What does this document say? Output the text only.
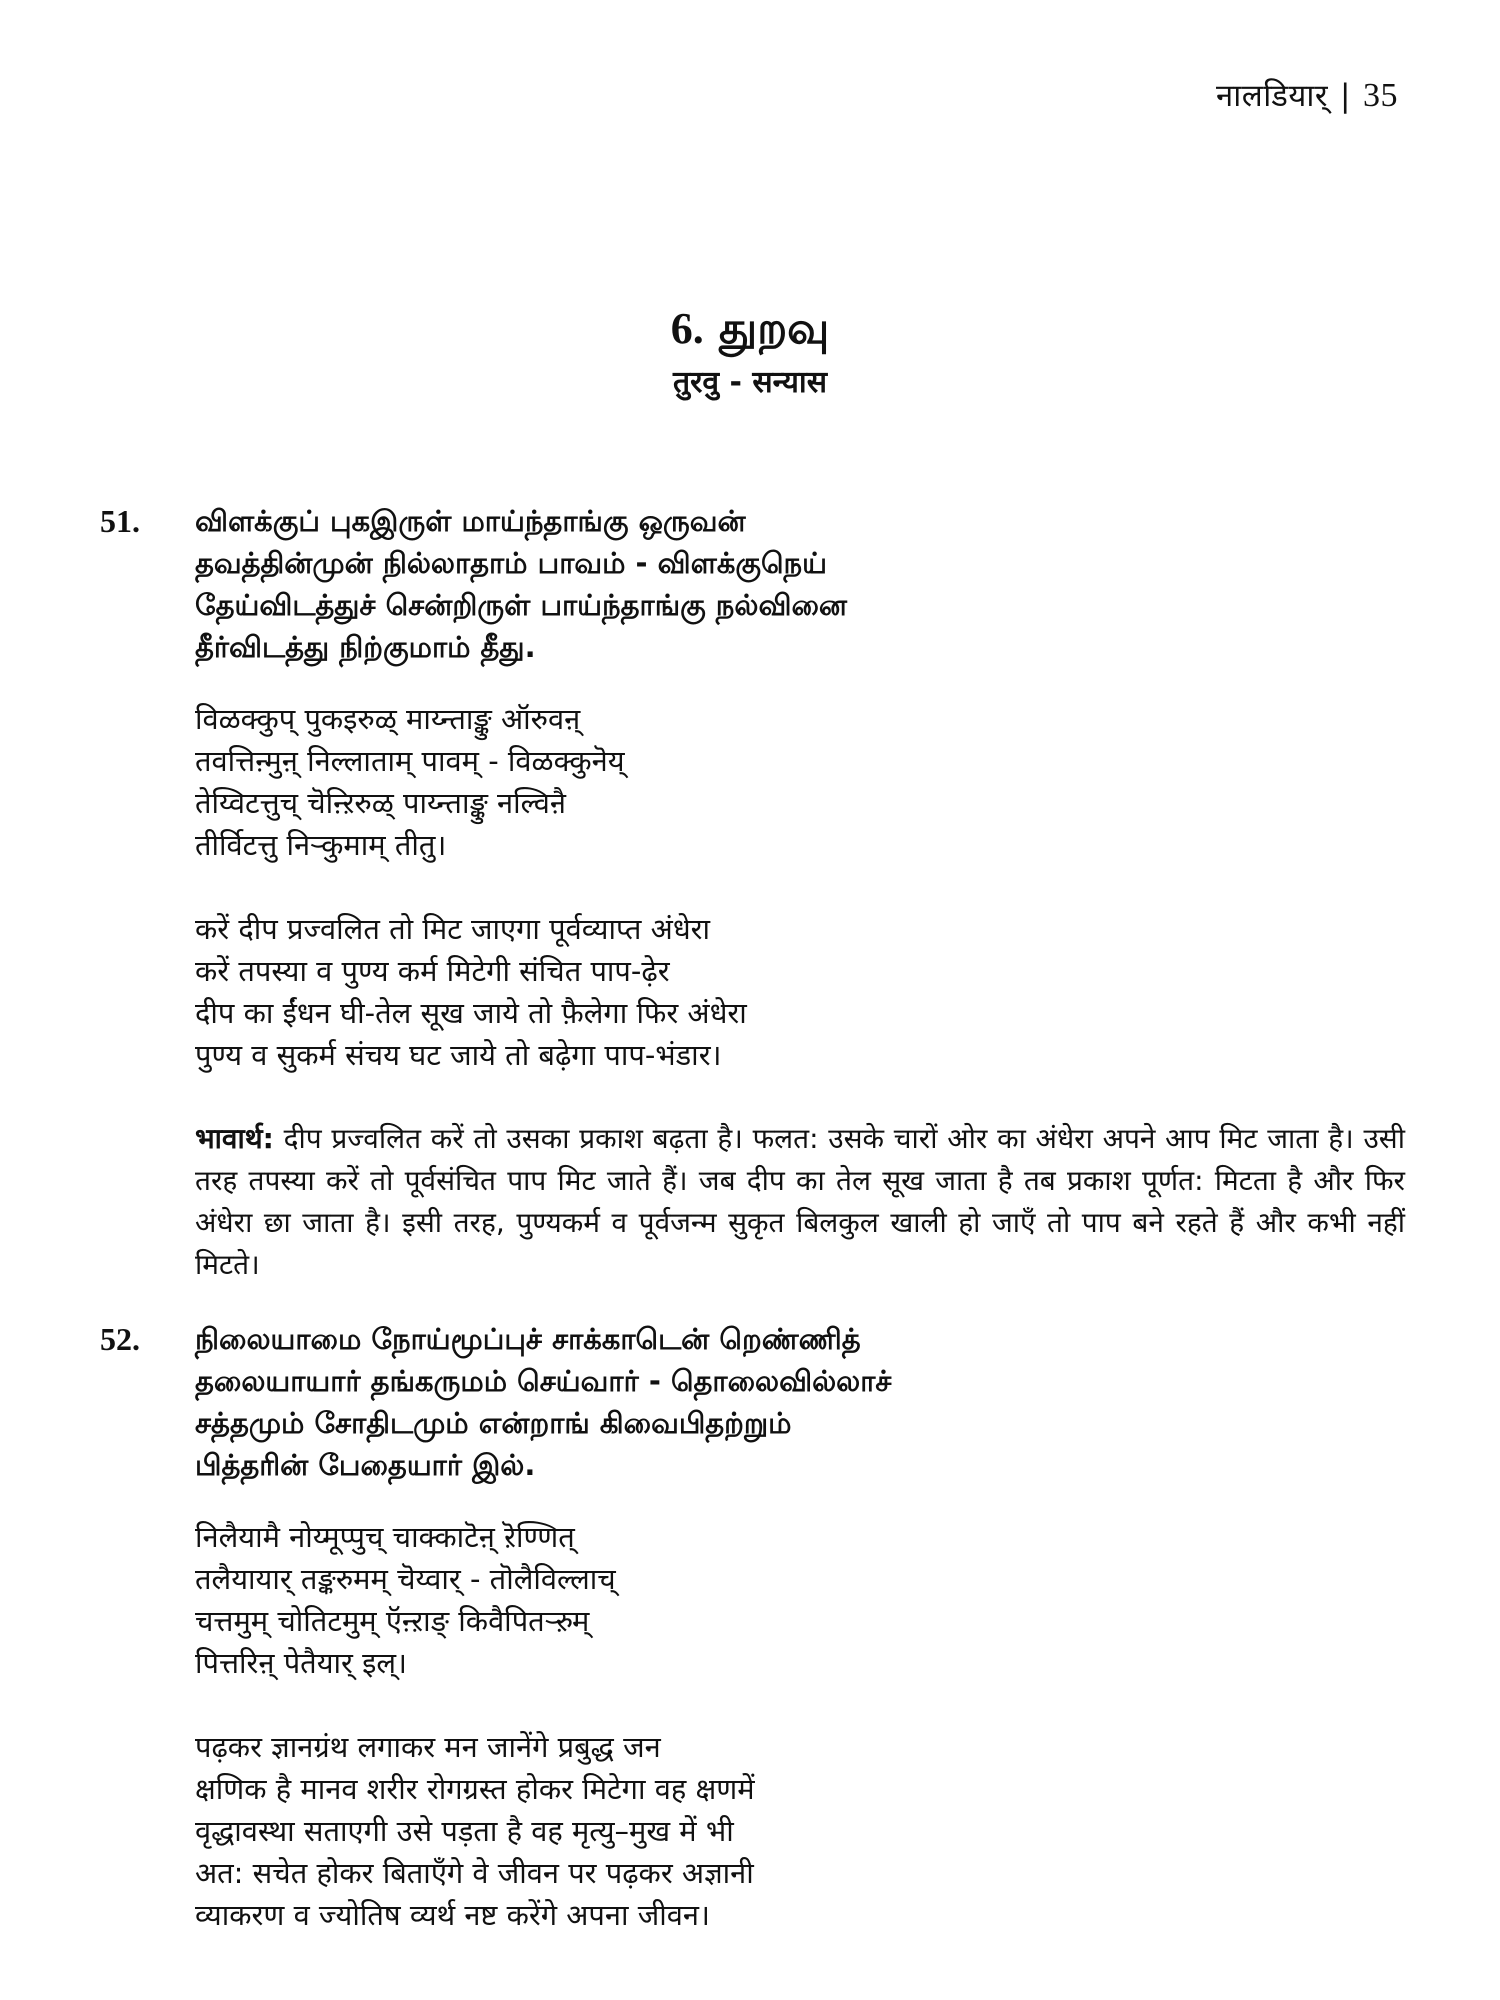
नालडियार् | 35
6. துறவு
तुरवु - सन्यास
51. விளக்குப் புகஇருள் மாய்ந்தாங்கு ஒருவன்
தவத்தின்முன் நில்லாதாம் பாவம் - விளக்குநெய்
தேய்விடத்துச் சென்றிருள் பாய்ந்தாங்கு நல்வினை
தீர்விடத்து நிற்குமாம் தீது.
विळक्कुप् पुकइरुळ् माय्न्ताङ्कु ऑरुवऩ्
तवत्तिऩ्मुऩ् निल्लाताम् पावम् - विळक्कुनॆय्
तेय्विटत्तुच् चॆऩ्ऱिरुळ् पाय्न्ताङ्कु नल्विऩै
तीर्विटत्तु निऱ्कुमाम् तीतु।
करें दीप प्रज्वलित तो मिट जाएगा पूर्वव्याप्त अंधेरा
करें तपस्या व पुण्य कर्म मिटेगी संचित पाप-ढ़ेर
दीप का ईंधन घी-तेल सूख जाये तो फ़ैलेगा फिर अंधेरा
पुण्य व सुकर्म संचय घट जाये तो बढ़ेगा पाप-भंडार।
भावार्थ: दीप प्रज्वलित करें तो उसका प्रकाश बढ़ता है। फलत: उसके चारों ओर का अंधेरा अपने आप मिट जाता है। उसी तरह तपस्या करें तो पूर्वसंचित पाप मिट जाते हैं। जब दीप का तेल सूख जाता है तब प्रकाश पूर्णत: मिटता है और फिर अंधेरा छा जाता है। इसी तरह, पुण्यकर्म व पूर्वजन्म सुकृत बिलकुल खाली हो जाएँ तो पाप बने रहते हैं और कभी नहीं मिटते।
52. நிலையாமை நோய்மூப்புச் சாக்காடென் றெண்ணித்
தலையாயார் தங்கருமம் செய்வார் - தொலைவில்லாச்
சத்தமும் சோதிடமும் என்றாங் கிவைபிதற்றும்
பித்தரின் பேதையார் இல்.
निलैयामै नोय्मूप्पुच् चाक्काटॆऩ् ऱॆण्णित्
तलैयायार् तङ्करुमम् चॆय्वार् - तॊलैविल्लाच्
चत्तमुम् चोतिटमुम् ऍऩ्ऱाङ् किवैपितऱ्ऱुम्
पित्तरिऩ् पेतैयार् इल्।
पढ़कर ज्ञानग्रंथ लगाकर मन जानेंगे प्रबुद्ध जन
क्षणिक है मानव शरीर रोगग्रस्त होकर मिटेगा वह क्षणमें
वृद्धावस्था सताएगी उसे पड़ता है वह मृत्यु–मुख में भी
अत: सचेत होकर बिताएँगे वे जीवन पर पढ़कर अज्ञानी
व्याकरण व ज्योतिष व्यर्थ नष्ट करेंगे अपना जीवन।
